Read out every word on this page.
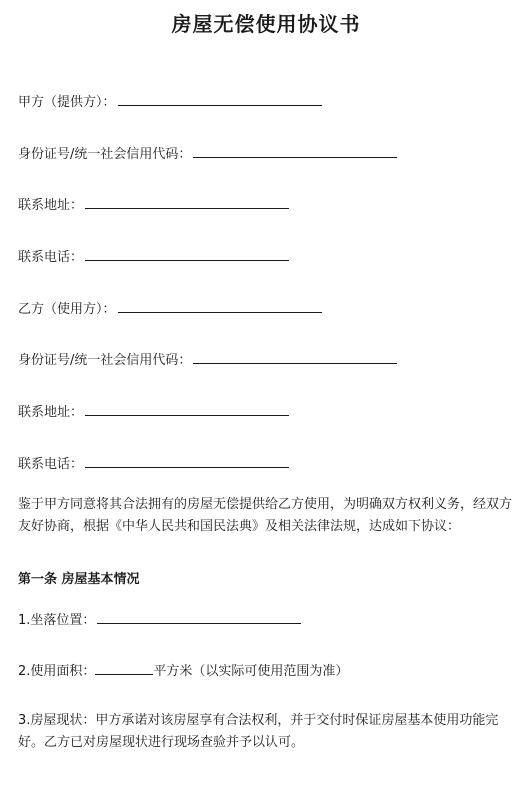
房屋无偿使用协议书
甲方（提供方）：
身份证号/统一社会信用代码：
联系地址：
联系电话：
乙方（使用方）：
身份证号/统一社会信用代码：
联系地址：
联系电话：
鉴于甲方同意将其合法拥有的房屋无偿提供给乙方使用，为明确双方权利义务，经双方友好协商，根据《中华人民共和国民法典》及相关法律法规，达成如下协议：
第一条 房屋基本情况
1.坐落位置：
2.使用面积：	平方米（以实际可使用范围为准）
3.房屋现状：甲方承诺对该房屋享有合法权利，并于交付时保证房屋基本使用功能完好。乙方已对房屋现状进行现场查验并予以认可。
